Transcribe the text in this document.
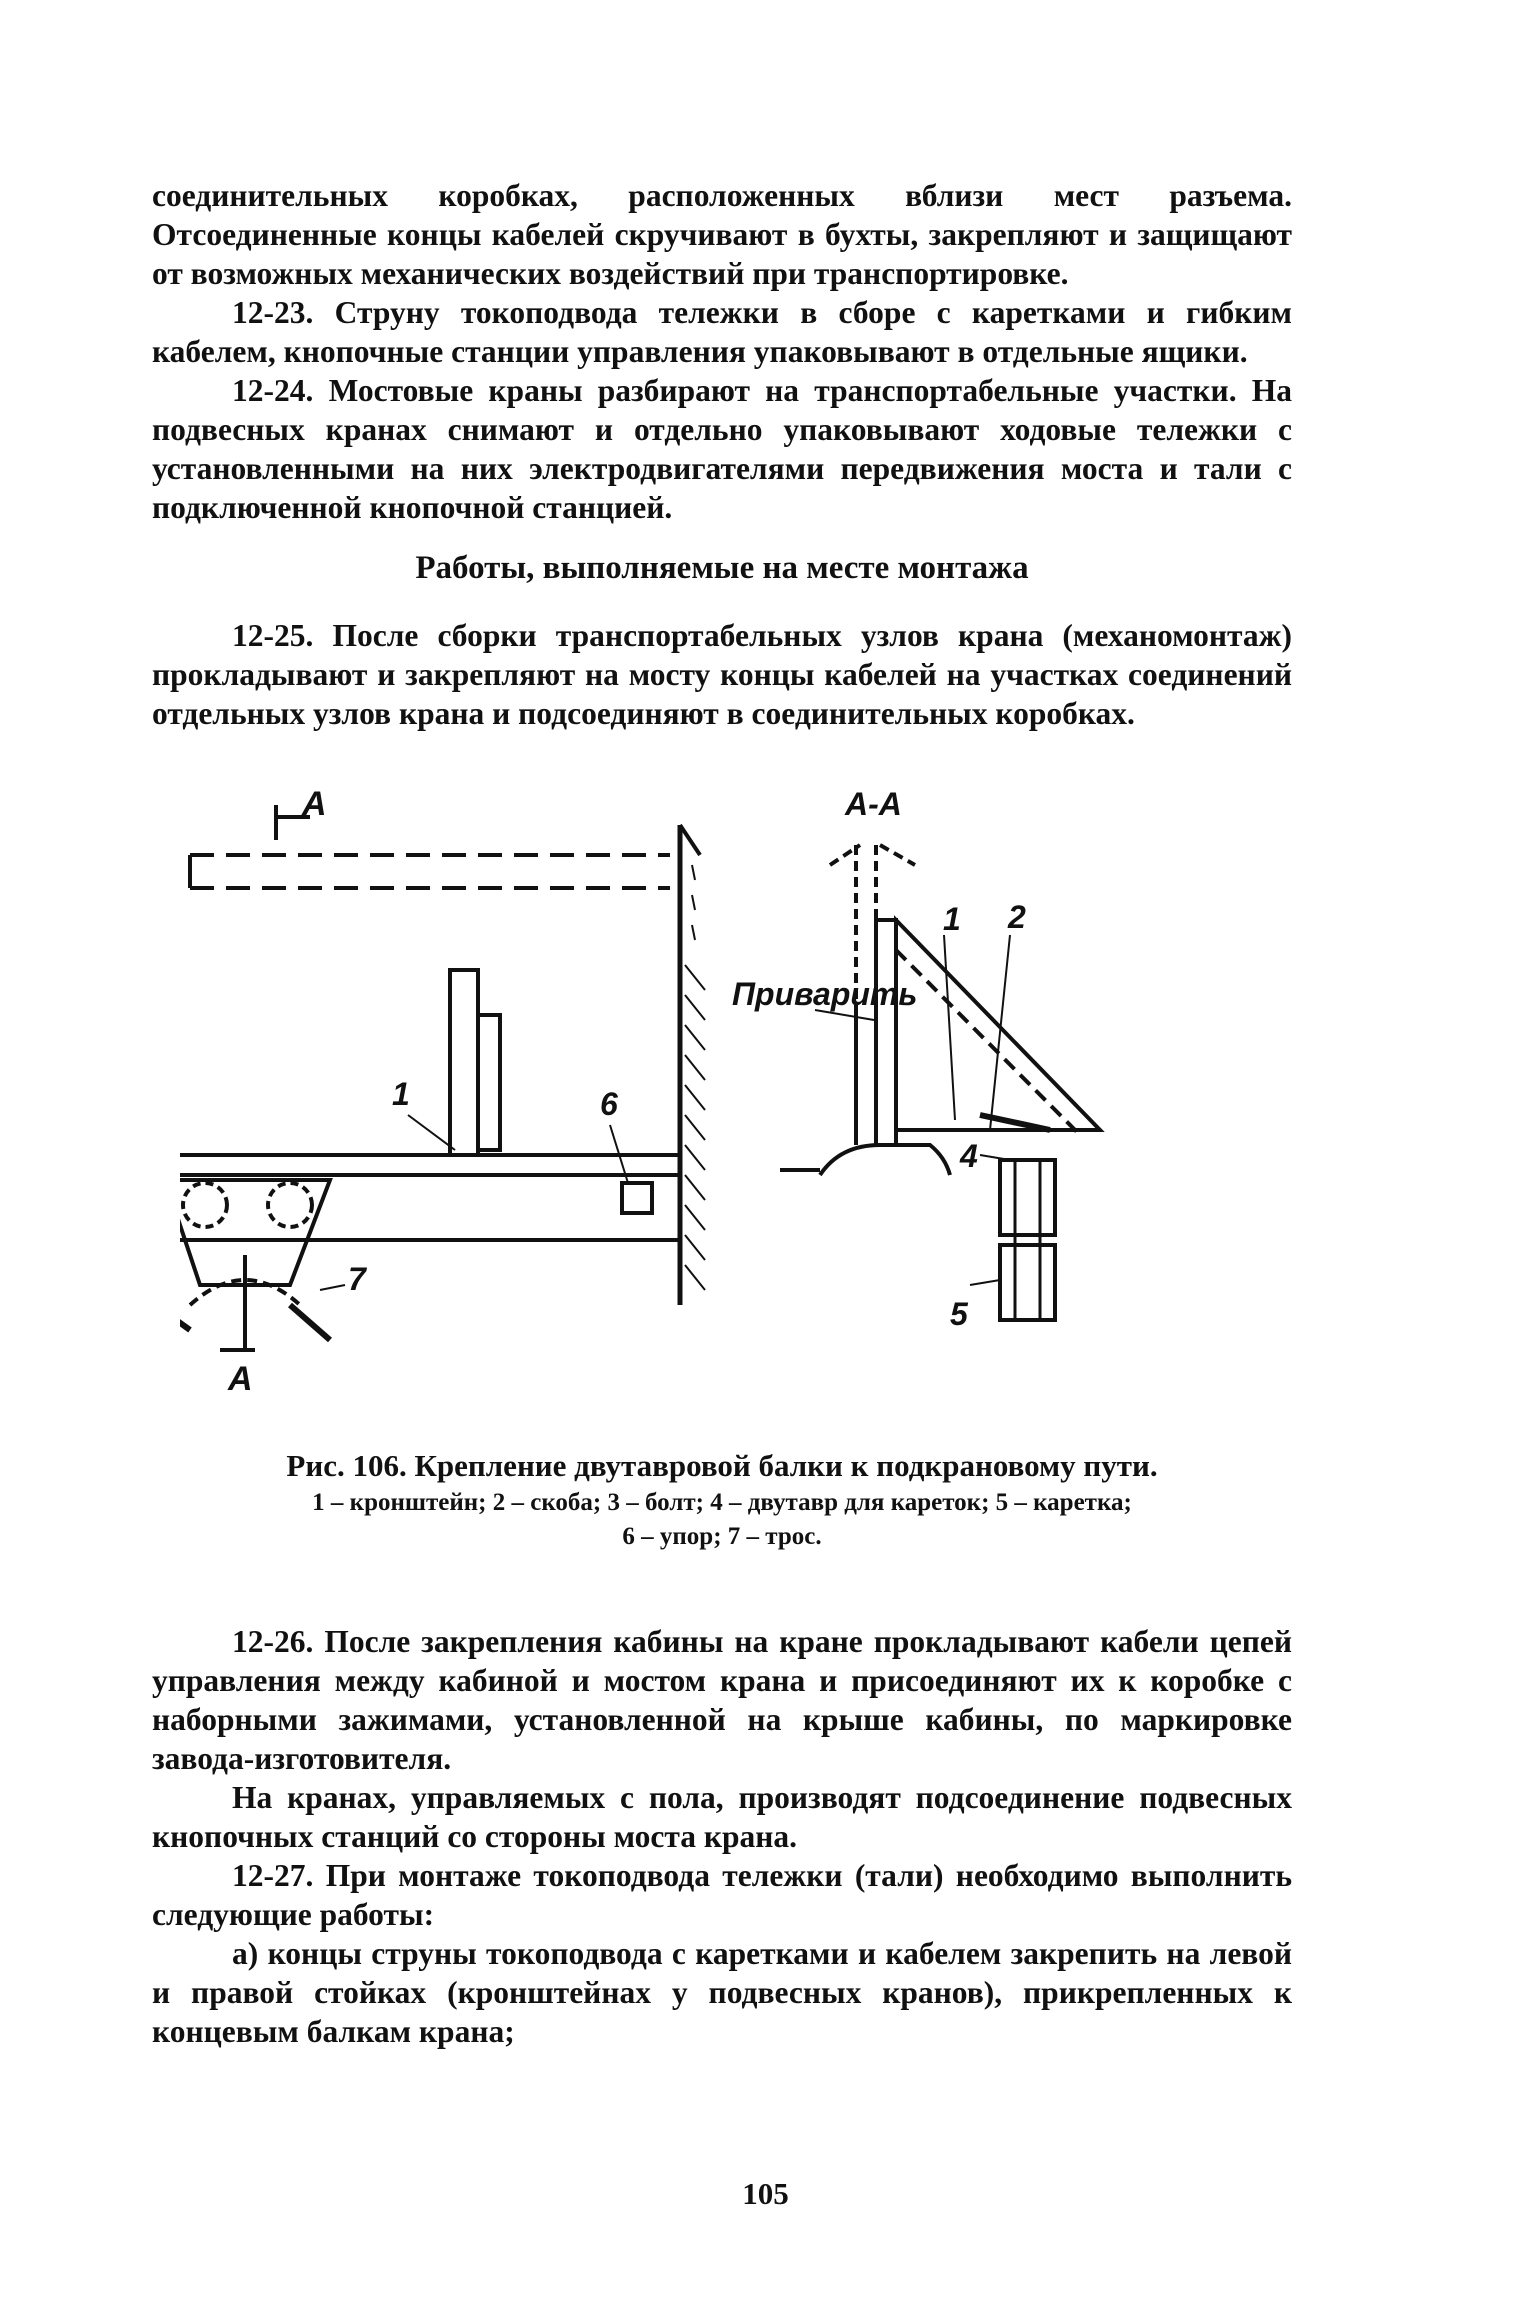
соединительных коробках, расположенных вблизи мест разъема. Отсоединенные концы кабелей скручивают в бухты, закрепляют и защищают от возможных механических воздействий при транспортировке.

12-23. Струну токоподвода тележки в сборе с каретками и гибким кабелем, кнопочные станции управления упаковывают в отдельные ящики.

12-24. Мостовые краны разбирают на транспортабельные участки. На подвесных кранах снимают и отдельно упаковывают ходовые тележки с установленными на них электродвигателями передвижения моста и тали с подключенной кнопочной станцией.

Работы, выполняемые на месте монтажа

12-25. После сборки транспортабельных узлов крана (механомонтаж) прокладывают и закрепляют на мосту концы кабелей на участках соединений отдельных узлов крана и подсоединяют в соединительных коробках.

A
A
A-A
Приварить
1	6
7
1 2
4
5
Рис. 106. Крепление двутавровой балки к подкрановому пути.
1 – кронштейн; 2 – скоба; 3 – болт; 4 – двутавр для кареток; 5 – каретка;
6 – упор; 7 – трос.

12-26. После закрепления кабины на кране прокладывают кабели цепей управления между кабиной и мостом крана и присоединяют их к коробке с наборными зажимами, установленной на крыше кабины, по маркировке завода-изготовителя.

На кранах, управляемых с пола, производят подсоединение подвесных кнопочных станций со стороны моста крана.

12-27. При монтаже токоподвода тележки (тали) необходимо выполнить следующие работы:

а) концы струны токоподвода с каретками и кабелем закрепить на левой и правой стойках (кронштейнах у подвесных кранов), прикрепленных к концевым балкам крана;

105
